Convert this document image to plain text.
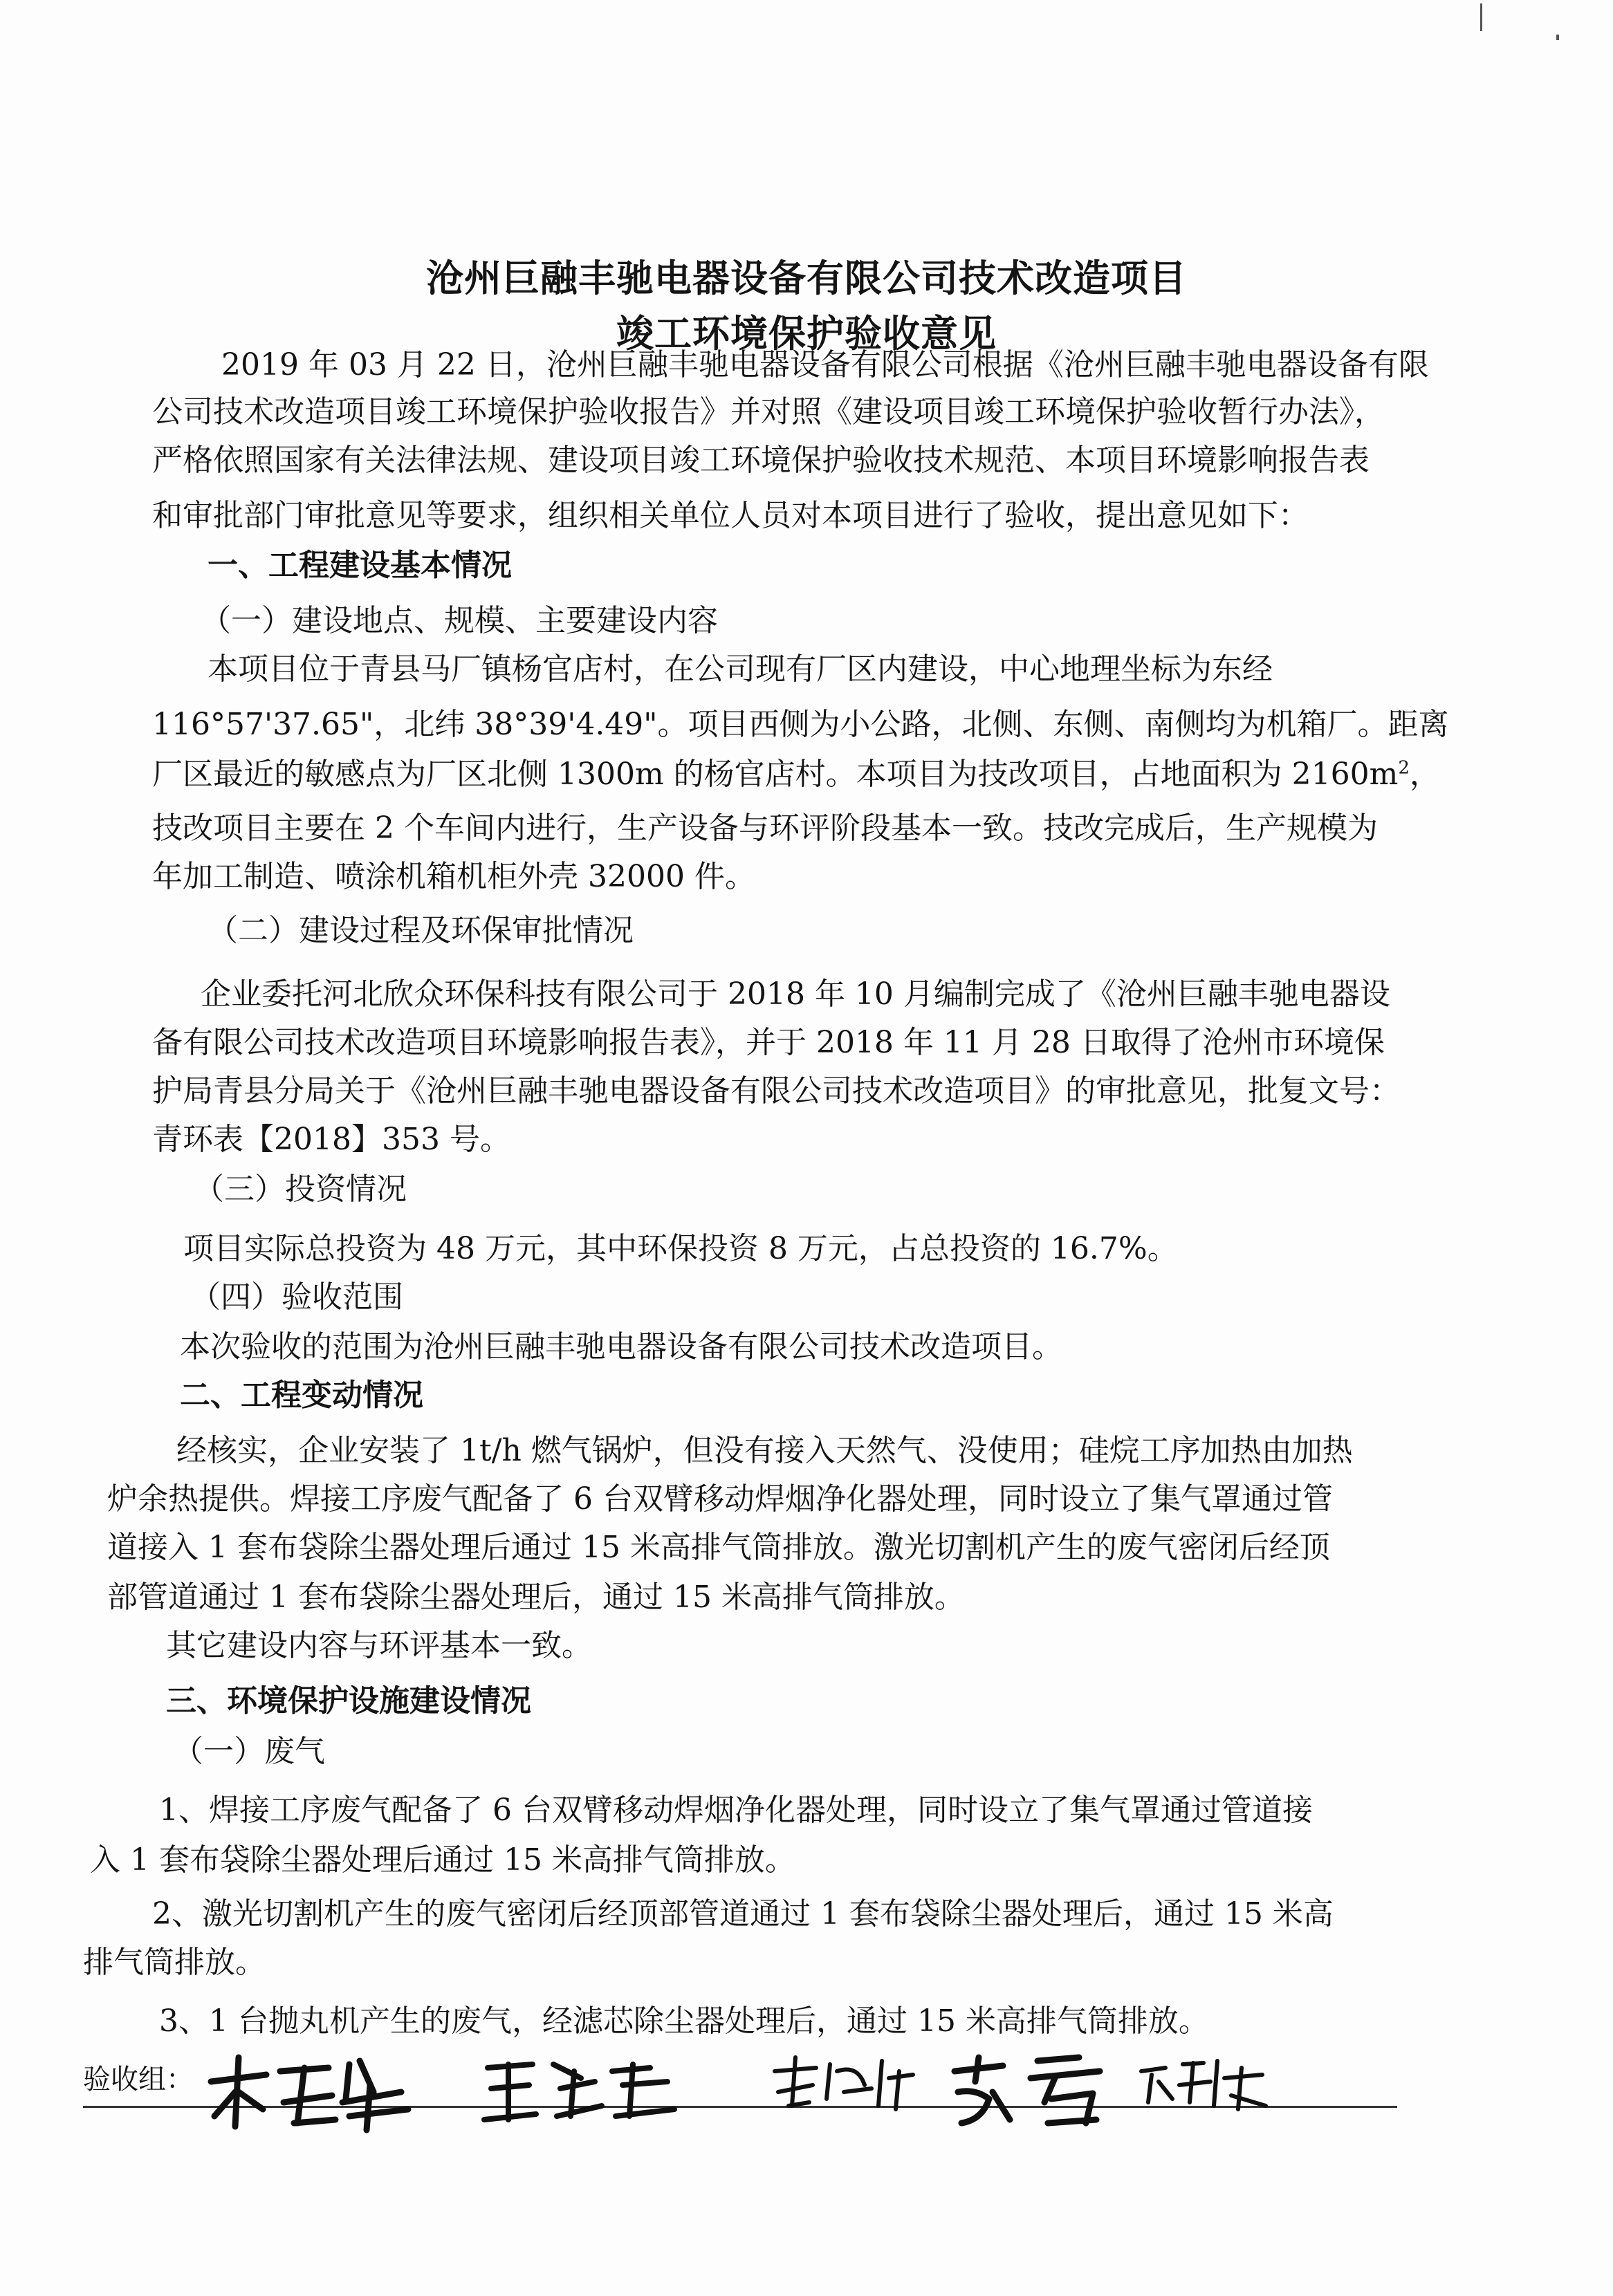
沧州巨融丰驰电器设备有限公司技术改造项目
竣工环境保护验收意见
2019 年 03 月 22 日，沧州巨融丰驰电器设备有限公司根据《沧州巨融丰驰电器设备有限
公司技术改造项目竣工环境保护验收报告》并对照《建设项目竣工环境保护验收暂行办法》，
严格依照国家有关法律法规、建设项目竣工环境保护验收技术规范、本项目环境影响报告表
和审批部门审批意见等要求，组织相关单位人员对本项目进行了验收，提出意见如下：
一、工程建设基本情况
（一）建设地点、规模、主要建设内容
本项目位于青县马厂镇杨官店村，在公司现有厂区内建设，中心地理坐标为东经
116°57'37.65"，北纬 38°39'4.49"。项目西侧为小公路，北侧、东侧、南侧均为机箱厂。距离
厂区最近的敏感点为厂区北侧 1300m 的杨官店村。本项目为技改项目，占地面积为 $2160m^2$，
技改项目主要在 2 个车间内进行，生产设备与环评阶段基本一致。技改完成后，生产规模为
年加工制造、喷涂机箱机柜外壳 32000 件。
（二）建设过程及环保审批情况
企业委托河北欣众环保科技有限公司于 2018 年 10 月编制完成了《沧州巨融丰驰电器设
备有限公司技术改造项目环境影响报告表》，并于 2018 年 11 月 28 日取得了沧州市环境保
护局青县分局关于《沧州巨融丰驰电器设备有限公司技术改造项目》的审批意见，批复文号：
青环表【2018】353 号。
（三）投资情况
项目实际总投资为 48 万元，其中环保投资 8 万元，占总投资的 16.7%。
（四）验收范围
本次验收的范围为沧州巨融丰驰电器设备有限公司技术改造项目。
二、工程变动情况
经核实，企业安装了 1t/h 燃气锅炉，但没有接入天然气、没使用；硅烷工序加热由加热
炉余热提供。焊接工序废气配备了 6 台双臂移动焊烟净化器处理，同时设立了集气罩通过管
道接入 1 套布袋除尘器处理后通过 15 米高排气筒排放。激光切割机产生的废气密闭后经顶
部管道通过 1 套布袋除尘器处理后，通过 15 米高排气筒排放。
其它建设内容与环评基本一致。
三、环境保护设施建设情况
（一）废气
1、焊接工序废气配备了 6 台双臂移动焊烟净化器处理，同时设立了集气罩通过管道接
入 1 套布袋除尘器处理后通过 15 米高排气筒排放。
2、激光切割机产生的废气密闭后经顶部管道通过 1 套布袋除尘器处理后，通过 15 米高
排气筒排放。
3、1 台抛丸机产生的废气，经滤芯除尘器处理后，通过 15 米高排气筒排放。
验收组：
